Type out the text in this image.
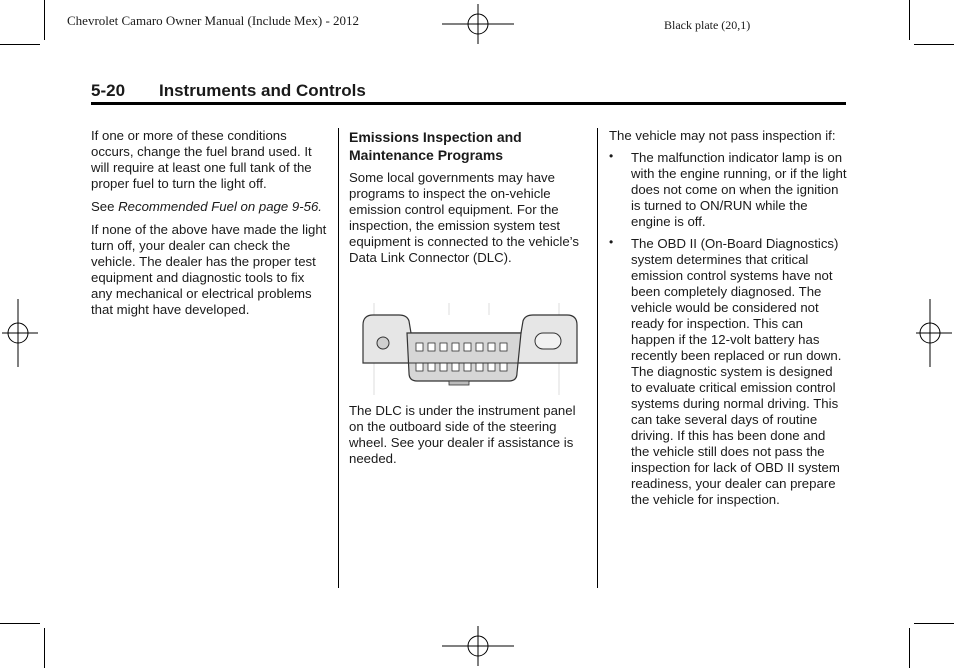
Chevrolet Camaro Owner Manual (Include Mex) - 2012	Black plate (20,1)
5-20 Instruments and Controls

If one or more of these conditions occurs, change the fuel brand used. It will require at least one full tank of the proper fuel to turn the light off.

See Recommended Fuel on page 9-56.

If none of the above have made the light turn off, your dealer can check the vehicle. The dealer has the proper test equipment and diagnostic tools to fix any mechanical or electrical problems that might have developed.

Emissions Inspection and Maintenance Programs

Some local governments may have programs to inspect the on-vehicle emission control equipment. For the inspection, the emission system test equipment is connected to the vehicle’s Data Link Connector (DLC).

The DLC is under the instrument panel on the outboard side of the steering wheel. See your dealer if assistance is needed.

The vehicle may not pass inspection if:

• The malfunction indicator lamp is on with the engine running, or if the light does not come on when the ignition is turned to ON/RUN while the engine is off.
• The OBD II (On-Board Diagnostics) system determines that critical emission control systems have not been completely diagnosed. The vehicle would be considered not ready for inspection. This can happen if the 12-volt battery has recently been replaced or run down. The diagnostic system is designed to evaluate critical emission control systems during normal driving. This can take several days of routine driving. If this has been done and the vehicle still does not pass the inspection for lack of OBD II system readiness, your dealer can prepare the vehicle for inspection.
